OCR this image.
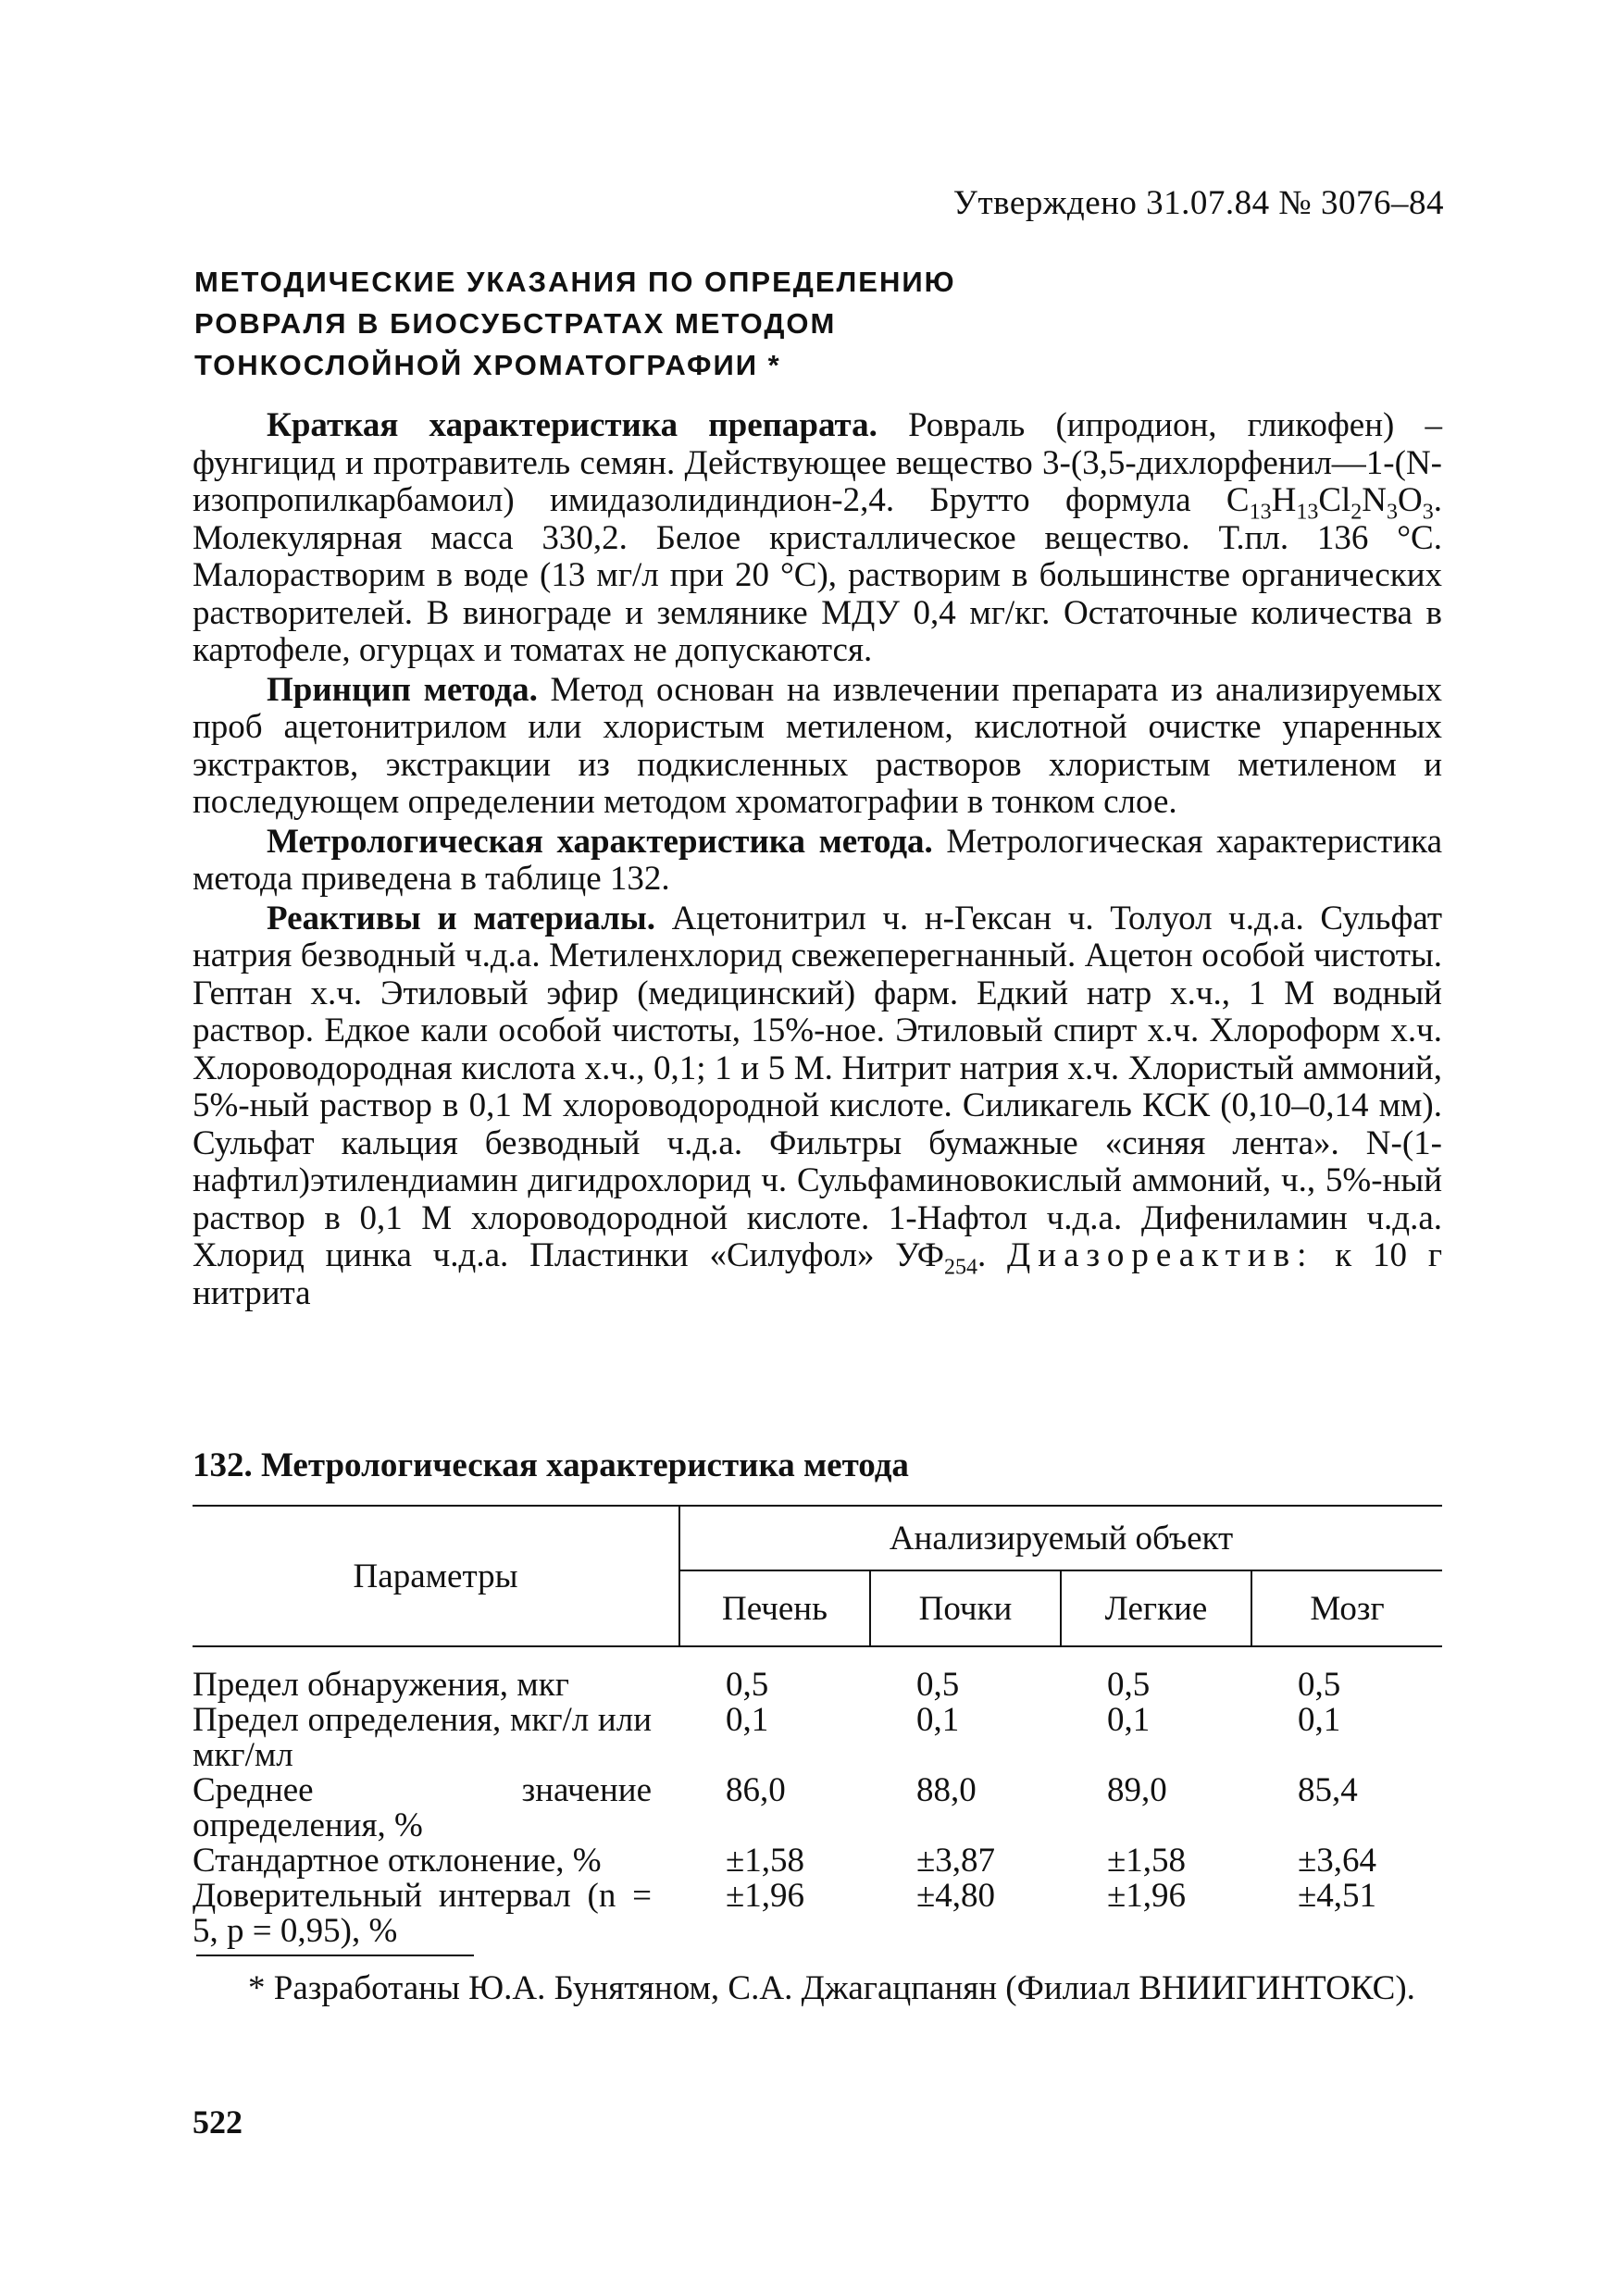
Утверждено 31.07.84 № 3076–84
МЕТОДИЧЕСКИЕ УКАЗАНИЯ ПО ОПРЕДЕЛЕНИЮ
РОВРАЛЯ В БИОСУБСТРАТАХ МЕТОДОМ
ТОНКОСЛОЙНОЙ ХРОМАТОГРАФИИ *

Краткая характеристика препарата. Ровраль (ипродион, гликофен) – фунгицид и протравитель семян. Действующее вещество 3-(3,5-дихлорфенил—1-(N-изопропилкарбамоил) имидазолидиндион-2,4. Брутто формула $C_{13}H_{13}Cl_2N_3O_3$. Молекулярная масса 330,2. Белое кристаллическое вещество. Т.пл. 136 °С. Малорастворим в воде (13 мг/л при 20 °С), растворим в большинстве органических растворителей. В винограде и землянике МДУ 0,4 мг/кг. Остаточные количества в картофеле, огурцах и томатах не допускаются.

Принцип метода. Метод основан на извлечении препарата из анализируемых проб ацетонитрилом или хлористым метиленом, кислотной очистке упаренных экстрактов, экстракции из подкисленных растворов хлористым метиленом и последующем определении методом хроматографии в тонком слое.

Метрологическая характеристика метода. Метрологическая характеристика метода приведена в таблице 132.

Реактивы и материалы. Ацетонитрил ч. н-Гексан ч. Толуол ч.д.а. Сульфат натрия безводный ч.д.а. Метиленхлорид свежеперегнанный. Ацетон особой чистоты. Гептан х.ч. Этиловый эфир (медицинский) фарм. Едкий натр х.ч., 1 М водный раствор. Едкое кали особой чистоты, 15%-ное. Этиловый спирт х.ч. Хлороформ х.ч. Хлороводородная кислота х.ч., 0,1; 1 и 5 М. Нитрит натрия х.ч. Хлористый аммоний, 5%-ный раствор в 0,1 М хлороводородной кислоте. Силикагель КСК (0,10–0,14 мм). Сульфат кальция безводный ч.д.а. Фильтры бумажные «синяя лента». N-(1-нафтил)этилендиамин дигидрохлорид ч. Сульфаминовокислый аммоний, ч., 5%-ный раствор в 0,1 М хлороводородной кислоте. 1-Нафтол ч.д.а. Дифениламин ч.д.а. Хлорид цинка ч.д.а. Пластинки «Силуфол» $УФ_{254}$. Диазореактив: к 10 г нитрита

132. Метрологическая характеристика метода
Параметры	Анализируемый объект			
	Печень	Почки	Легкие	Мозг
Предел обнаружения, мкг	0,5	0,5	0,5	0,5
Предел определения, мкг/л или мкг/мл	0,1	0,1	0,1	0,1
Среднее значение определения, %	86,0	88,0	89,0	85,4
Стандартное отклонение, %	±1,58	±3,87	±1,58	±3,64
Доверительный интервал (n = 5, p = 0,95), %	±1,96	±4,80	±1,96	±4,51
* Разработаны Ю.А. Бунятяном, С.А. Джагацпанян (Филиал ВНИИГИНТОКС).
522
